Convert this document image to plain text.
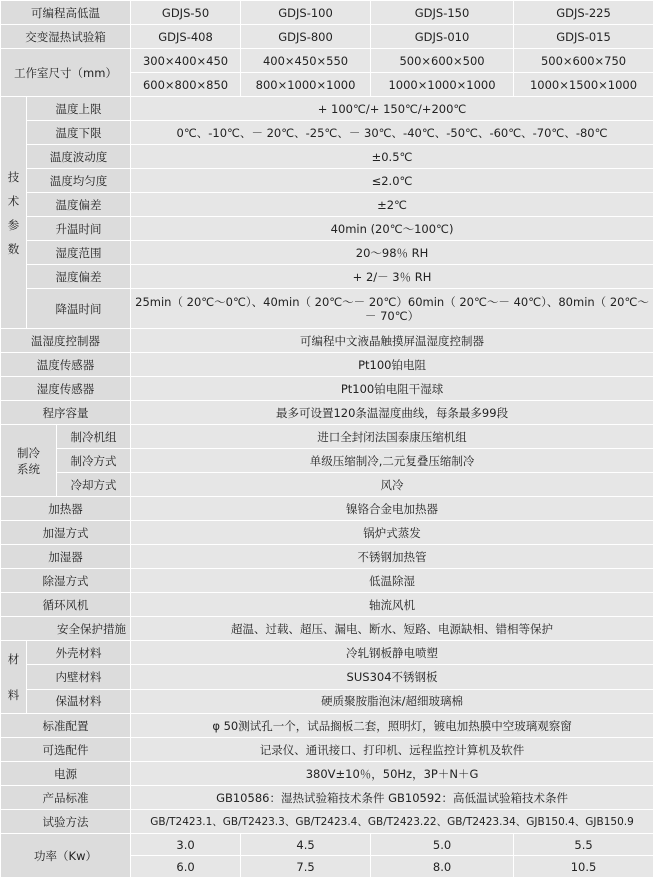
可编程高低温			GDJS-50	GDJS-100	GDJS-150	GDJS-225
交变湿热试验箱			GDJS-408	GDJS-800	GDJS-010	GDJS-015
工作室尺寸（mm）			300×400×450	400×450×550	500×600×500	500×600×750
			600×800×850	800×1000×1000	1000×1000×1000	1000×1500×1000
技术参数	温度上限		+ 100℃/+ 150℃/+200℃			
	温度下限		0℃、-10℃、－ 20℃、-25℃、－ 30℃、-40℃、-50℃、-60℃、-70℃、-80℃			
	温度波动度		±0.5℃			
	温度均匀度		≤2.0℃			
	温度偏差		±2℃			
	升温时间		40min (20℃～100℃)			
	湿度范围		20～98％ RH			
	湿度偏差		+ 2/－ 3％ RH			
	降温时间		25min（ 20℃～0℃）、40min（ 20℃～－ 20℃）60min（ 20℃～－ 40℃）、80min（ 20℃～－ 70℃）			
温湿度控制器			可编程中文液晶触摸屏温湿度控制器			
温度传感器			Pt100铂电阻			
湿度传感器			Pt100铂电阻干湿球			
程序容量			最多可设置120条温湿度曲线，每条最多99段			
制冷系统		制冷机组	进口全封闭法国泰康压缩机组			
		制冷方式	单级压缩制冷,二元复叠压缩制冷			
		冷却方式	风冷			
加热器			镍铬合金电加热器			
加湿方式			锅炉式蒸发			
加湿器			不锈钢加热管			
除湿方式			低温除湿			
循环风机			轴流风机			
安全保护措施			超温、过载、超压、漏电、断水、短路、电源缺相、错相等保护			
材料	外壳材料		冷轧钢板静电喷塑			
	内壁材料		SUS304不锈钢板			
	保温材料		硬质聚胺脂泡沫/超细玻璃棉			
标准配置			φ 50测试孔一个，试品搁板二套，照明灯，镀电加热膜中空玻璃观察窗			
可选配件			记录仪、通讯接口、打印机、远程监控计算机及软件			
电源			380V±10％，50Hz，3P＋N＋G			
产品标准			GB10586：湿热试验箱技术条件 GB10592：高低温试验箱技术条件			
试验方法			GB/T2423.1、GB/T2423.3、GB/T2423.4、GB/T2423.22、GB/T2423.34、GJB150.4、GJB150.9			
功率（Kw）			3.0	4.5	5.0	5.5
			6.0	7.5	8.0	10.5
